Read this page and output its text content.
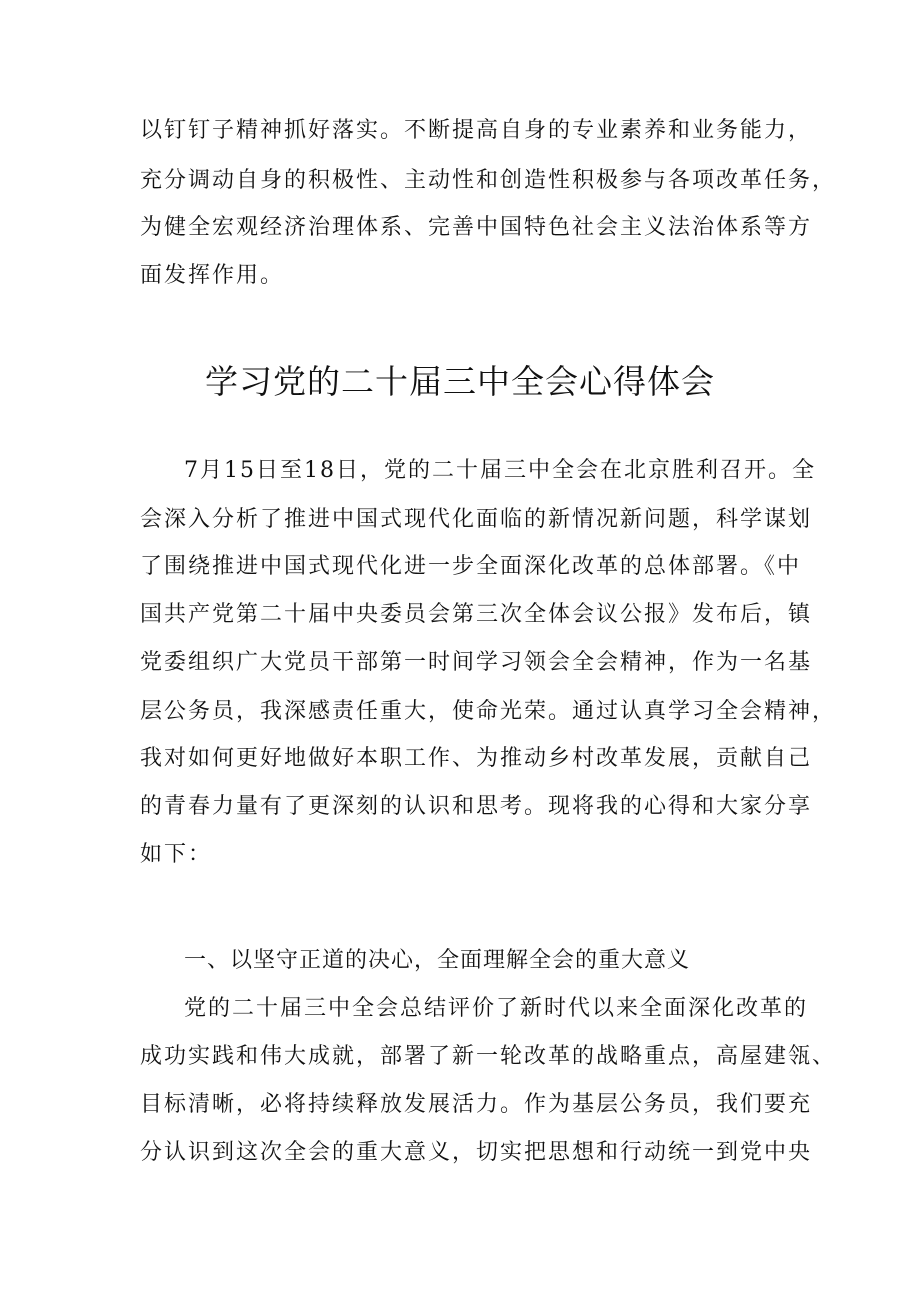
以钉钉子精神抓好落实。不断提高自身的专业素养和业务能力，
充分调动自身的积极性、主动性和创造性积极参与各项改革任务，
为健全宏观经济治理体系、完善中国特色社会主义法治体系等方
面发挥作用。
学习党的二十届三中全会心得体会
7月15日至18日，党的二十届三中全会在北京胜利召开。全
会深入分析了推进中国式现代化面临的新情况新问题，科学谋划
了围绕推进中国式现代化进一步全面深化改革的总体部署。《中
国共产党第二十届中央委员会第三次全体会议公报》发布后，镇
党委组织广大党员干部第一时间学习领会全会精神，作为一名基
层公务员，我深感责任重大，使命光荣。通过认真学习全会精神，
我对如何更好地做好本职工作、为推动乡村改革发展，贡献自己
的青春力量有了更深刻的认识和思考。现将我的心得和大家分享
如下：
一、以坚守正道的决心，全面理解全会的重大意义
党的二十届三中全会总结评价了新时代以来全面深化改革的
成功实践和伟大成就，部署了新一轮改革的战略重点，高屋建瓴、
目标清晰，必将持续释放发展活力。作为基层公务员，我们要充
分认识到这次全会的重大意义，切实把思想和行动统一到党中央
